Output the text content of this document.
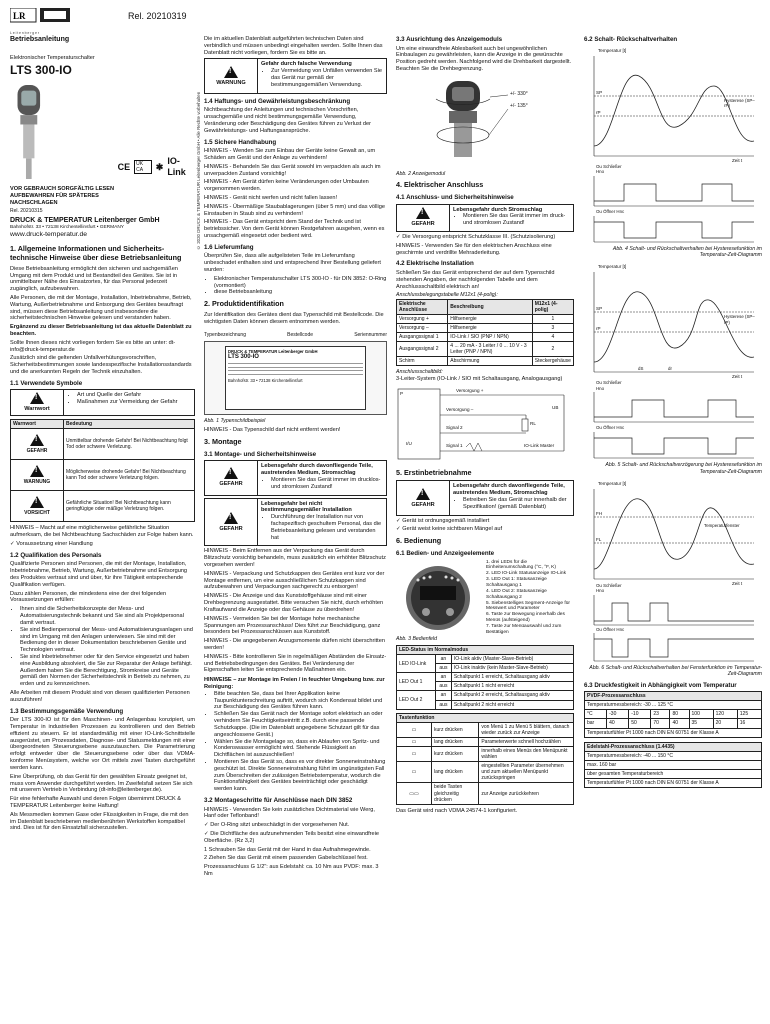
LR
Leitenberger
Rel. 20210319
© 2020 DRUCK & TEMPERATUR Leitenberger GmbH • Alle Rechte vorbehalten
Betriebsanleitung
Elektronischer Temperaturschalter
LTS 300-IO
CE	UK CA	✱
IO-Link
VOR GEBRAUCH SORGFÄLTIG LESEN AUFBEWAHREN FÜR SPÄTERES NACHSCHLAGEN
Rel. 20210315
DRUCK & TEMPERATUR Leitenberger GmbH
Bahnhofstr. 33 • 72138 Kirchentellinsfurt • GERMANY
www.druck-temperatur.de
1. Allgemeine Informationen und Sicherheits- technische Hinweise über diese Betriebsanleitung

Diese Betriebsanleitung ermöglicht den sicheren und sachgemäßen Umgang mit dem Produkt und ist Bestandteil des Gerätes. Sie ist in unmittelbarer Nähe des Einsatzortes, für das Personal jederzeit zugänglich, aufzubewahren.

Alle Personen, die mit der Montage, Installation, Inbetriebnahme, Betrieb, Wartung, Außerbetriebnahme und Entsorgung des Gerätes beauftragt sind, müssen diese Betriebsanleitung und insbesondere die sicherheitstechnischen Hinweise gelesen und verstanden haben.

Ergänzend zu dieser Betriebsanleitung ist das aktuelle Datenblatt zu beachten.

Sollte Ihnen dieses nicht vorliegen fordern Sie es bitte an unter: dt-info@druck-temperatur.de

Zusätzlich sind die geltenden Unfallverhütungsvorschriften, Sicherheitsbestimmungen sowie landesspezifische Installationsstandards und die anerkannten Regeln der Technik einzuhalten.

1.1 Verwendete Symbole
!
Warnwort
• Art und Quelle der Gefahr
• Maßnahmen zur Vermeidung der Gefahr
Warnwort	Bedeutung

!
GEFAHR	Unmittelbar drohende Gefahr! Bei Nichtbeachtung folgt Tod oder schwere Verletzung.

!
WARNUNG	Möglicherweise drohende Gefahr! Bei Nichtbeachtung kann Tod oder schwere Verletzung folgen.

!
VORSICHT	Gefährliche Situation! Bei Nichtbeachtung kann geringfügige oder mäßige Verletzung folgen.

HINWEIS – Macht auf eine möglicherweise gefährliche Situation aufmerksam, die bei Nichtbeachtung Sachschäden zur Folge haben kann.

✓ Voraussetzung einer Handlung

1.2 Qualifikation des Personals

Qualifizierte Personen sind Personen, die mit der Montage, Installation, Inbetriebnahme, Betrieb, Wartung, Außerbetriebnahme und Entsorgung des Produktes vertraut sind und über, für ihre Tätigkeit entsprechende Qualifikation verfügen.

Dazu zählen Personen, die mindestens eine der drei folgenden Voraussetzungen erfüllen:

• Ihnen sind die Sicherheitskonzepte der Mess- und Automatisierungstechnik bekannt und Sie sind als Projektpersonal damit vertraut.
• Sie sind Bedienpersonal der Mess- und Automatisierungsanlagen und sind im Umgang mit den Anlagen unterwiesen. Sie sind mit der Bedienung der in dieser Dokumentation beschriebenen Geräte und Technologien vertraut.
• Sie sind Inbetriebnehmer oder für den Service eingesetzt und haben eine Ausbildung absolviert, die Sie zur Reparatur der Anlage befähigt. Außerdem haben Sie die Berechtigung, Stromkreise und Geräte gemäß den Normen der Sicherheitstechnik in Betrieb zu nehmen, zu erden und zu kennzeichnen.

Alle Arbeiten mit diesem Produkt sind von diesen qualifizierten Personen auszuführen!

1.3 Bestimmungsgemäße Verwendung

Der LTS 300-IO ist für den Maschinen- und Anlagenbau konzipiert, um Temperatur in industriellen Prozessen zu kontrollieren und den Betrieb effizient zu steuern. Er ist standardmäßig mit einer IO-Link-Schnittstelle ausgerüstet, um Prozessdaten, Diagnose- und Statusmeldungen mit einer übergeordneten Steuerungsebene auszutauschen. Die Parametrierung erfolgt entweder über die Steuerungsebene oder über das VDMA-konforme Menüsystem, welche vor Ort mittels zwei Tasten durchgeführt werden kann.

Eine Überprüfung, ob das Gerät für den gewählten Einsatz geeignet ist, muss vom Anwender durchgeführt werden. Im Zweifelsfall setzen Sie sich mit unserem Vertrieb in Verbindung (dt-info@leitenberger.de).

Für eine fehlerhafte Auswahl und deren Folgen übernimmt DRUCK & TEMPERATUR Leitenberger keine Haftung!

Als Messmedien kommen Gase oder Flüssigkeiten in Frage, die mit den im Datenblatt beschriebenen medienberührten Werkstoffen kompatibel sind. Dies ist für den Einsatzfall sicherzustellen.

Die im aktuellen Datenblatt aufgeführten technischen Daten sind verbindlich und müssen unbedingt eingehalten werden. Sollte Ihnen das Datenblatt nicht vorliegen, fordern Sie es bitte an.

!
WARNUNG
Gefahr durch falsche Verwendung
• Zur Vermeidung von Unfällen verwenden Sie das Gerät nur gemäß der bestimmungsgemäßen Verwendung.
1.4 Haftungs- und Gewährleistungsbeschränkung

Nichtbeachtung der Anleitungen und technischen Vorschriften, unsachgemäße und nicht bestimmungsgemäße Verwendung, Veränderung oder Beschädigung des Gerätes führen zu Verlust der Gewährleistungs- und Haftungsansprüche.

1.5 Sichere Handhabung

HINWEIS - Wenden Sie zum Einbau der Geräte keine Gewalt an, um Schäden am Gerät und der Anlage zu verhindern!

HINWEIS - Behandeln Sie das Gerät sowohl im verpackten als auch im unverpackten Zustand vorsichtig!

HINWEIS - Am Gerät dürfen keine Veränderungen oder Umbauten vorgenommen werden.

HINWEIS - Gerät nicht werfen und nicht fallen lassen!

HINWEIS - Übermäßige Staubablagerungen (über 5 mm) und das völlige Einstauben in Staub sind zu verhindern!

HINWEIS - Das Gerät entspricht dem Stand der Technik und ist betriebssicher. Von dem Gerät können Restgefahren ausgehen, wenn es unsachgemäß eingesetzt oder bedient wird.

1.6 Lieferumfang

Überprüfen Sie, dass alle aufgelisteten Teile im Lieferumfang unbeschadet enthalten sind und entsprechend Ihrer Bestellung geliefert wurden:

• Elektronischer Temperaturschalter LTS 300-IO - für DIN 3852: O-Ring (vormontiert)
• diese Betriebsanleitung
2. Produktidentifikation

Zur Identifikation des Gerätes dient das Typenschild mit Bestellcode. Die wichtigsten Daten können diesem entnommen werden.

Typenbezeichnung	Bestellcode	Seriennummer
DRUCK & TEMPERATUR Leitenberger GmbH
LTS 300-IO
Bahnhofstr. 33 • 72138 Kirchentellinsfurt
Abb. 1 Typenschildbeispiel

HINWEIS - Das Typenschild darf nicht entfernt werden!

3. Montage
3.1 Montage- und Sicherheitshinweise
!
GEFAHR
Lebensgefahr durch davonfliegende Teile, austretendes Medium, Stromschlag
• Montieren Sie das Gerät immer im drucklos- und stromlosen Zustand!
!
GEFAHR
Lebensgefahr bei nicht bestimmungsgemäßer Installation
• Durchführung der Installation nur von fachspezifisch geschultem Personal, das die Betriebsanleitung gelesen und verstanden hat

HINWEIS - Beim Entfernen aus der Verpackung das Gerät durch Blitzschutz vorsichtig behandeln, muss zusätzlich ein erhöhter Blitzschutz vorgesehen werden!

HINWEIS - Verpackung und Schutzkappen des Gerätes erst kurz vor der Montage entfernen, um eine ausschließlichen Schutzkappen sind aufzubewahren und Verpackungen sachgerecht zu entsorgen!

HINWEIS - Die Anzeige und das Kunststoffgehäuse sind mit einer Drehbegrenzung ausgestattet. Bitte versuchen Sie nicht, durch erhöhten Kraftaufwand die Anzeige oder das Gehäuse zu überdrehen!

HINWEIS - Vermeiden Sie bei der Montage hohe mechanische Spannungen am Prozessanschluss! Dies führt zur Beschädigung, ganz besonders bei Prozessanschlüssen aus Kunststoff.

HINWEIS - Die angegebenen Anzugsmomente dürfen nicht überschritten werden!

HINWEIS - Bitte kontrollieren Sie in regelmäßigen Abständen die Einsatz- und Betriebsbedingungen des Gerätes. Bei Veränderung der Eigenschaften leiten Sie entsprechende Maßnahmen ein.

HINWEISE – zur Montage im Freien / in feuchter Umgebung bzw. zur Reinigung:
• Bitte beachten Sie, dass bei Ihrer Applikation keine Taupunktunterschreitung auftritt, wodurch sich Kondensat bildet und zur Beschädigung des Gerätes führen kann.
• Schließen Sie das Gerät nach der Montage sofort elektrisch an oder verhindern Sie Feuchtigkeitseintritt z.B. durch eine passende Schutzkappe. (Die im Datenblatt angegebene Schutzart gilt für das angeschlossene Gerät.)
• Wählen Sie die Montagelage so, dass ein Ablaufen von Spritz- und Kondenswasser ermöglicht wird. Stehende Flüssigkeit an Dichtflächen ist auszuschließen!
• Montieren Sie das Gerät so, dass es vor direkter Sonneneinstrahlung geschützt ist. Direkte Sonneneinstrahlung führt im ungünstigsten Fall zum Überschreiten der zulässigen Betriebstemperatur, wodurch die Funktionsfähigkeit des Gerätes beeinträchtigt oder geschädigt werden kann.
3.2 Montageschritte für Anschlüsse nach DIN 3852

HINWEIS - Verwenden Sie kein zusätzliches Dichtmaterial wie Werg, Hanf oder Teflonband!

✓ Der O-Ring sitzt unbeschädigt in der vorgesehenen Nut.

✓ Die Dichtfläche des aufzunehmenden Teils besitzt eine einwandfreie Oberfläche. (Rz 3,2)

1 Schrauben Sie das Gerät mit der Hand in das Aufnahmegewinde.

2 Ziehen Sie das Gerät mit einem passenden Gabelschlüssel fest.

Prozessanschluss G 1/2": aus Edelstahl: ca. 10 Nm aus PVDF: max. 3 Nm

3.3 Ausrichtung des Anzeigemoduls

Um eine einwandfreie Ablesbarkeit auch bei ungewöhnlichen Einbaulagen zu gewährleisten, kann die Anzeige in die gewünschte Position gedreht werden. Nachfolgend wird die Drehbarkeit dargestellt. Beachten Sie die Drehbegrenzung.

+/- 330°
+/- 135°
Abb. 2 Anzeigemodul
4. Elektrischer Anschluss
4.1 Anschluss- und Sicherheitshinweise
!
GEFAHR
Lebensgefahr durch Stromschlag
• Montieren Sie das Gerät immer im druck- und stromlosen Zustand!

✓ Die Versorgung entspricht Schutzklasse III. (Schutzisolierung)

HINWEIS - Verwenden Sie für den elektrischen Anschluss eine geschirmte und verdrillte Mehraderleitung.

4.2 Elektrische Installation

Schließen Sie das Gerät entsprechend der auf dem Typenschild stehenden Angaben, der nachfolgenden Tabelle und dem Anschlussschaltbild elektrisch an!

Anschlussbelegungstabelle M12x1 (4-polig):
Elektrische Anschlüsse	Beschreibung	M12x1 (4-polig)
Versorgung +	Hilfsenergie	1
Versorgung –	Hilfsenergie	3
Ausgangssignal 1	IO-Link / SIO (PNP / NPN)	4
Ausgangssignal 2	4 ... 20 mA - 3 Leiter / 0 ... 10 V - 3 Leiter (PNP / NPN)	2
Schirm	Abschirmung	Steckergehäuse
Anschlussschaltbild:
3-Leiter-System (IO-Link / SIO mit Schaltausgang, Analogausgang)
Versorgung +
P
UB
Versorgung –
Signal 2
RL
I/U	Signal 1	IO-Link Master
5. Erstinbetriebnahme
!
GEFAHR
Lebensgefahr durch davonfliegende Teile, austretendes Medium, Stromschlag
• Betreiben Sie das Gerät nur innerhalb der Spezifikation! (gemäß Datenblatt)

✓ Gerät ist ordnungsgemäß installiert

✓ Gerät weist keine sichtbaren Mängel auf

6. Bedienung
6.1 Bedien- und Anzeigeelemente
1. drei LEDs für die Einheitenumschaltung (°C, °F, K)
2. LED IO-Link Statusanzeige IO-Link
3. LED Out 1: Statusanzeige Schaltausgang 1
4. LED Out 2: Statusanzeige Schaltausgang 2
5. Siebenstelliges Segment-Anzeige für Messwert und Parameter
6. Taste zur Bewegung innerhalb des Menüs (aufsteigend)
7. Taste zur Menüauswahl und zum Bestätigen
Abb. 3 Bedienfeld
LED-Status im Normalmodus		
LED IO-Link	an	IO-Link aktiv (Master-Slave-Betrieb)
	aus	IO-Link inaktiv (kein Master-Slave-Betrieb)
LED Out 1	an	Schaltpunkt 1 erreicht, Schaltausgang aktiv
	aus	Schaltpunkt 1 nicht erreicht
LED Out 2	an	Schaltpunkt 2 erreicht, Schaltausgang aktiv
	aus	Schaltpunkt 2 nicht erreicht
Tastenfunktion		
▭	kurz drücken	von Menü 1 zu Menü 5 blättern, danach wieder zurück zur Anzeige
▭	lang drücken	Parameterwerte schnell hochzählen
▭	kurz drücken	innerhalb eines Menüs den Menüpunkt wählen
▭	lang drücken	eingestellten Parameter übernehmen und zum aktuellen Menüpunkt zurückspringen
▭▭	beide Tasten gleichzeitig drücken	zur Anzeige zurückkehren

Das Gerät wird nach VDMA 24574-1 konfiguriert.

6.2 Schalt- Rückschaltverhalten
Temperatur [t]
SP
rP
Hysterese (SP–rP)
Zeit t
Ou Schließer Hno
Ou Öffner Hnc
Abb. 4 Schalt- und Rückschaltverhalten bei Hysteresefunktion im Temperatur-Zeit-Diagramm
Temperatur [t]
SP
rP
Hysterese (SP–rP)
dS	dr
Zeit t
Ou Schließer Hno
Ou Öffner Hnc
Abb. 5 Schalt- und Rückschaltverzögerung bei Hysteresefunktion im Temperatur-Zeit-Diagramm
Temperatur [t]
FH
FL
Temperaturfenster
Zeit t
Ou Schließer Hno
Ou Öffner Hnc
Abb. 6 Schalt- und Rückschaltverhalten bei Fensterfunktion im Temperatur-Zeit-Diagramm
6.3 Druckfestigkeit in Abhängigkeit vom Temperatur
PVDF-Prozessanschluss							
Temperaturmessbereich: -30 ... 125 °C							
°C	-30	-10	23	80	100	120	125
bar	40	50	70	40	35	20	16
Temperaturfühler Pt 1000 nach DIN EN 60751 der Klasse A							
Edelstahl-Prozessanschluss (1.4435)
Temperaturmessbereich: -40 ... 150 °C
max. 160 bar
über gesamten Temperaturbereich
Temperaturfühler Pt 1000 nach DIN EN 60751 der Klasse A
